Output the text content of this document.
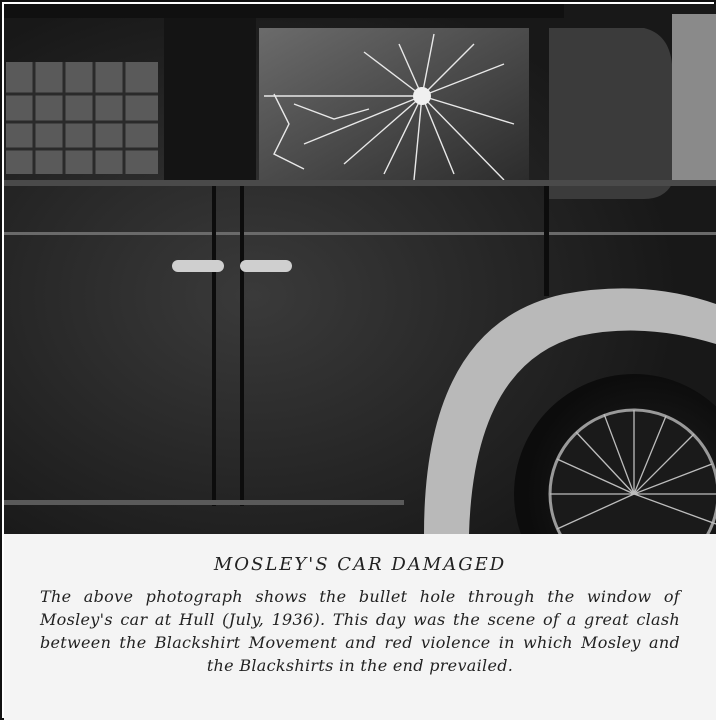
MOSLEY'S CAR DAMAGED
The above photograph shows the bullet hole through the window of Mosley's car at Hull (July, 1936). This day was the scene of a great clash between the Blackshirt Movement and red violence in which Mosley and the Blackshirts in the end prevailed.
